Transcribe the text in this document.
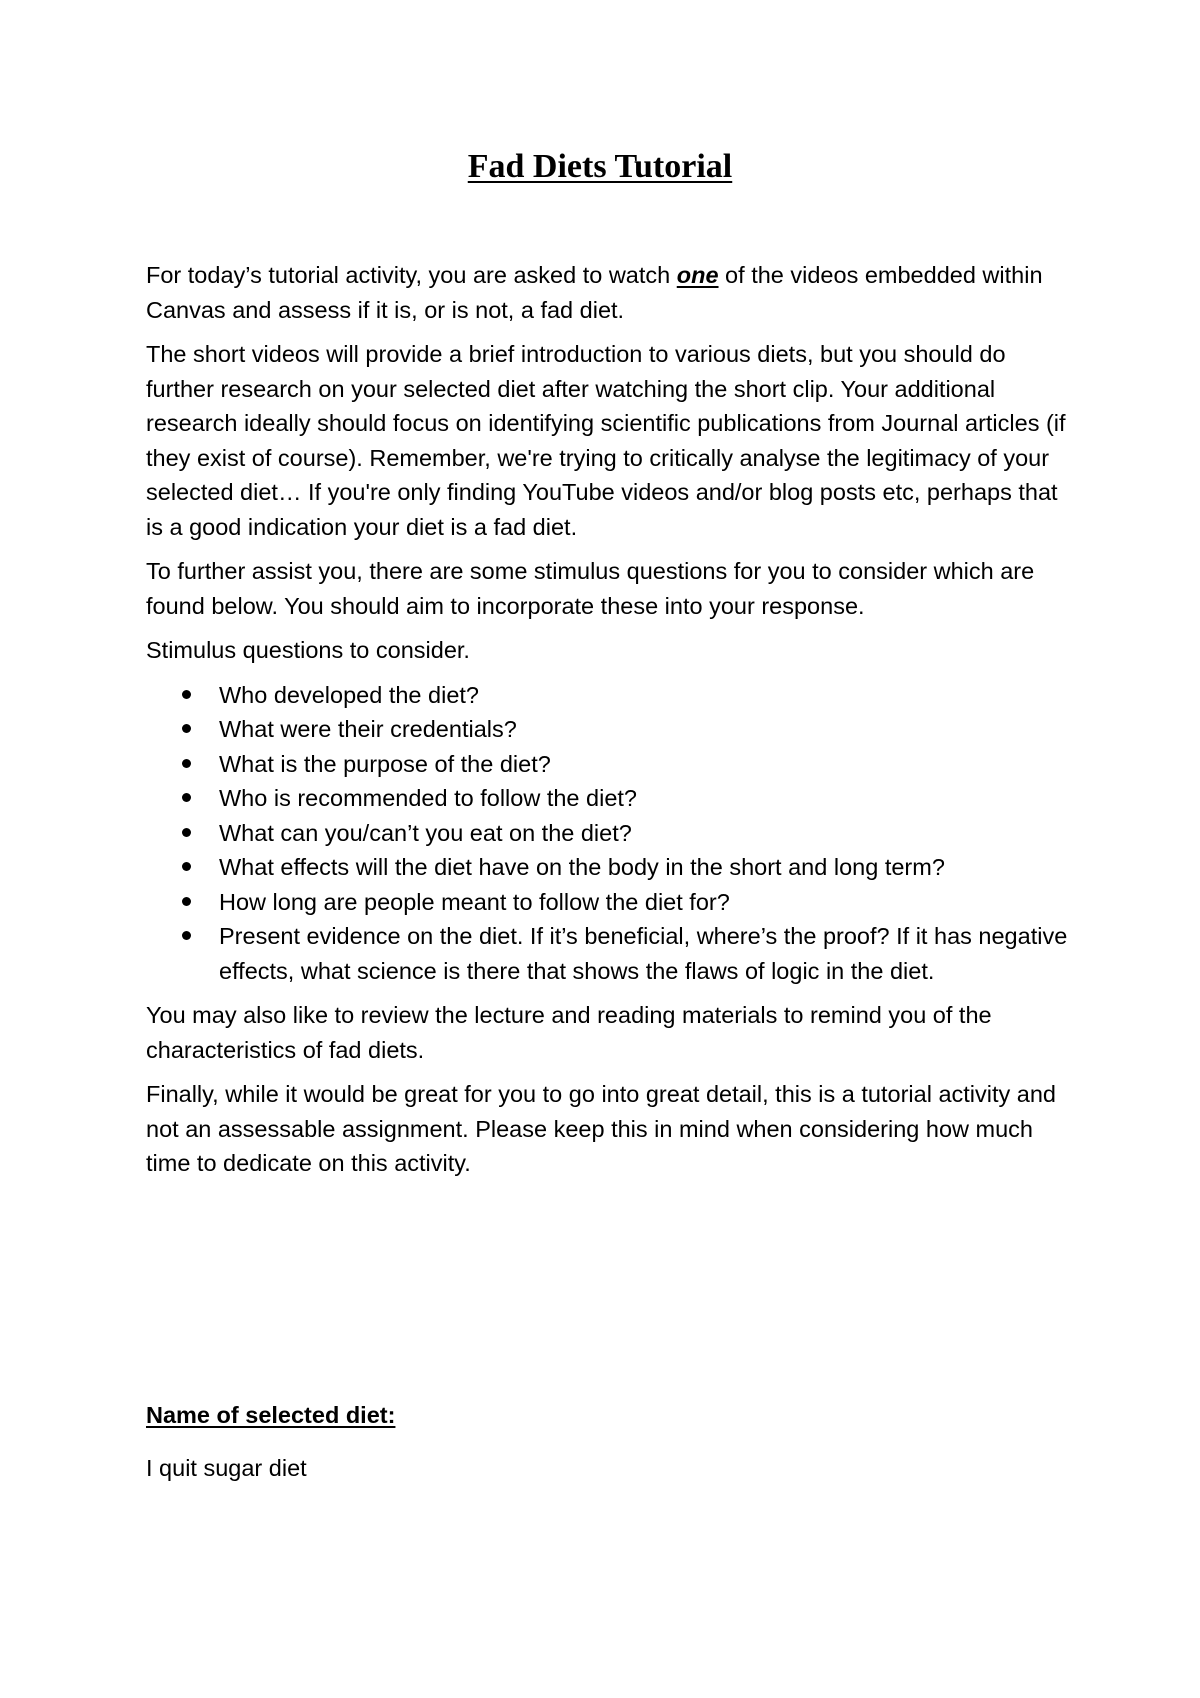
Fad Diets Tutorial

For today’s tutorial activity, you are asked to watch one of the videos embedded within Canvas and assess if it is, or is not, a fad diet.

The short videos will provide a brief introduction to various diets, but you should do further research on your selected diet after watching the short clip. Your additional research ideally should focus on identifying scientific publications from Journal articles (if they exist of course). Remember, we're trying to critically analyse the legitimacy of your selected diet… If you're only finding YouTube videos and/or blog posts etc, perhaps that is a good indication your diet is a fad diet.

To further assist you, there are some stimulus questions for you to consider which are found below. You should aim to incorporate these into your response.

Stimulus questions to consider.

Who developed the diet?
What were their credentials?
What is the purpose of the diet?
Who is recommended to follow the diet?
What can you/can’t you eat on the diet?
What effects will the diet have on the body in the short and long term?
How long are people meant to follow the diet for?
Present evidence on the diet. If it’s beneficial, where’s the proof? If it has negative effects, what science is there that shows the flaws of logic in the diet.

You may also like to review the lecture and reading materials to remind you of the characteristics of fad diets.

Finally, while it would be great for you to go into great detail, this is a tutorial activity and not an assessable assignment. Please keep this in mind when considering how much time to dedicate on this activity.

Name of selected diet:

I quit sugar diet
